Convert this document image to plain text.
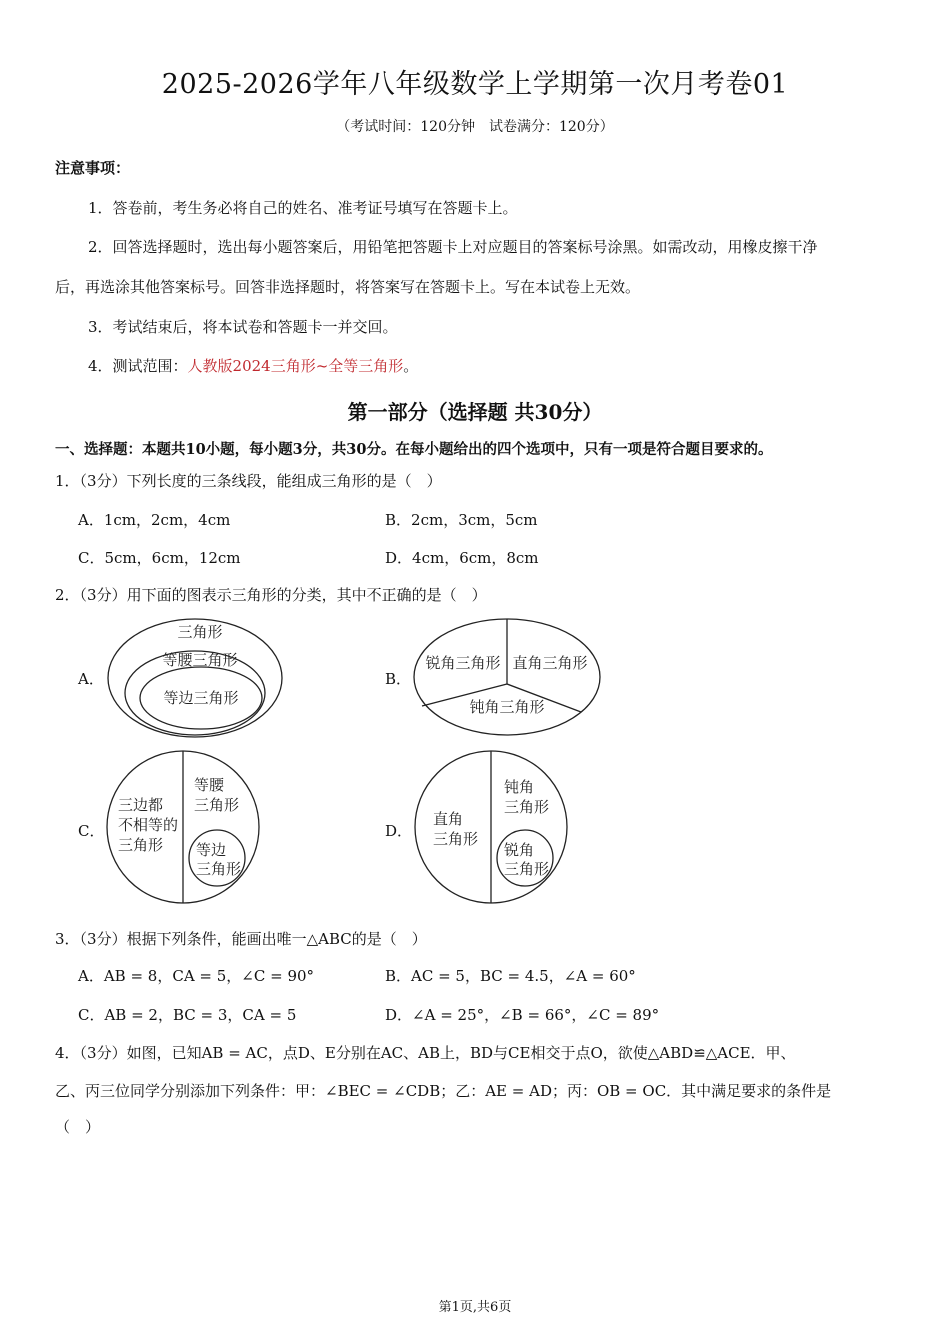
2025-2026学年八年级数学上学期第一次月考卷01
（考试时间：120分钟　试卷满分：120分）
注意事项：
1．答卷前，考生务必将自己的姓名、准考证号填写在答题卡上。
2．回答选择题时，选出每小题答案后，用铅笔把答题卡上对应题目的答案标号涂黑。如需改动，用橡皮擦干净
后，再选涂其他答案标号。回答非选择题时，将答案写在答题卡上。写在本试卷上无效。
3．考试结束后，将本试卷和答题卡一并交回。
4．测试范围：人教版2024三角形~全等三角形。
第一部分（选择题 共30分）
一、选择题：本题共10小题，每小题3分，共30分。在每小题给出的四个选项中，只有一项是符合题目要求的。
1．（3分）下列长度的三条线段，能组成三角形的是（　）
A．1cm，2cm，4cm	B．2cm，3cm，5cm
C．5cm，6cm，12cm	D．4cm，6cm，8cm
2．（3分）用下面的图表示三角形的分类，其中不正确的是（　）
A．	B．
C．	D．
三角形
等腰三角形
等边三角形
锐角三角形 直角三角形
钝角三角形
三边都
不相等的
三角形
等腰
三角形
等边
三角形
直角
三角形
钝角
三角形
锐角
三角形
3．（3分）根据下列条件，能画出唯一△ABC的是（　）
A．AB = 8，CA = 5，∠C = 90°	B．AC = 5，BC = 4.5，∠A = 60°
C．AB = 2，BC = 3，CA = 5	D．∠A = 25°，∠B = 66°，∠C = 89°
4．（3分）如图，已知AB = AC，点D、E分别在AC、AB上，BD与CE相交于点O，欲使△ABD≌△ACE．甲、
乙、丙三位同学分别添加下列条件：甲：∠BEC = ∠CDB；乙：AE = AD；丙：OB = OC．其中满足要求的条件是
（　）
第1页,共6页
